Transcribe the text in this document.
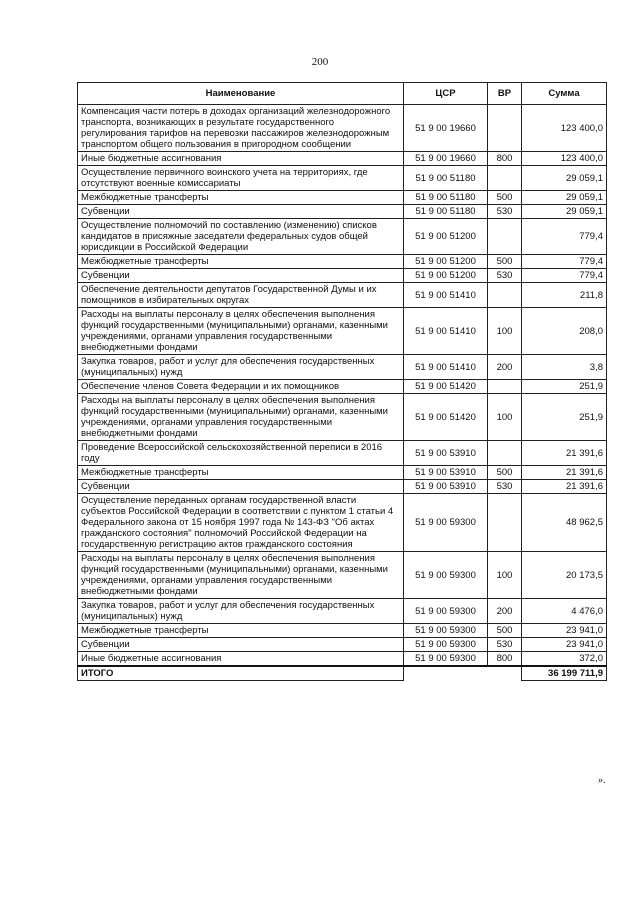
200
Наименование	ЦСР	ВР	Сумма
Компенсация части потерь в доходах организаций железнодорожного транспорта, возникающих в результате государственного регулирования тарифов на перевозки пассажиров железнодорожным транспортом общего пользования в пригородном сообщении	51 9 00 19660		123 400,0
Иные бюджетные ассигнования	51 9 00 19660	800	123 400,0
Осуществление первичного воинского учета на территориях, где отсутствуют военные комиссариаты	51 9 00 51180		29 059,1
Межбюджетные трансферты	51 9 00 51180	500	29 059,1
Субвенции	51 9 00 51180	530	29 059,1
Осуществление полномочий по составлению (изменению) списков кандидатов в присяжные заседатели федеральных судов общей юрисдикции в Российской Федерации	51 9 00 51200		779,4
Межбюджетные трансферты	51 9 00 51200	500	779,4
Субвенции	51 9 00 51200	530	779,4
Обеспечение деятельности депутатов Государственной Думы и их помощников в избирательных округах	51 9 00 51410		211,8
Расходы на выплаты персоналу в целях обеспечения выполнения функций государственными (муниципальными) органами, казенными учреждениями, органами управления государственными внебюджетными фондами	51 9 00 51410	100	208,0
Закупка товаров, работ и услуг для обеспечения государственных (муниципальных) нужд	51 9 00 51410	200	3,8
Обеспечение членов Совета Федерации и их помощников	51 9 00 51420		251,9
Расходы на выплаты персоналу в целях обеспечения выполнения функций государственными (муниципальными) органами, казенными учреждениями, органами управления государственными внебюджетными фондами	51 9 00 51420	100	251,9
Проведение Всероссийской сельскохозяйственной переписи в 2016 году	51 9 00 53910		21 391,6
Межбюджетные трансферты	51 9 00 53910	500	21 391,6
Субвенции	51 9 00 53910	530	21 391,6
Осуществление переданных органам государственной власти субъектов Российской Федерации в соответствии с пунктом 1 статьи 4 Федерального закона от 15 ноября 1997 года № 143-ФЗ "Об актах гражданского состояния" полномочий Российской Федерации на государственную регистрацию актов гражданского состояния	51 9 00 59300		48 962,5
Расходы на выплаты персоналу в целях обеспечения выполнения функций государственными (муниципальными) органами, казенными учреждениями, органами управления государственными внебюджетными фондами	51 9 00 59300	100	20 173,5
Закупка товаров, работ и услуг для обеспечения государственных (муниципальных) нужд	51 9 00 59300	200	4 476,0
Межбюджетные трансферты	51 9 00 59300	500	23 941,0
Субвенции	51 9 00 59300	530	23 941,0
Иные бюджетные ассигнования	51 9 00 59300	800	372,0
ИТОГО			36 199 711,9
».
